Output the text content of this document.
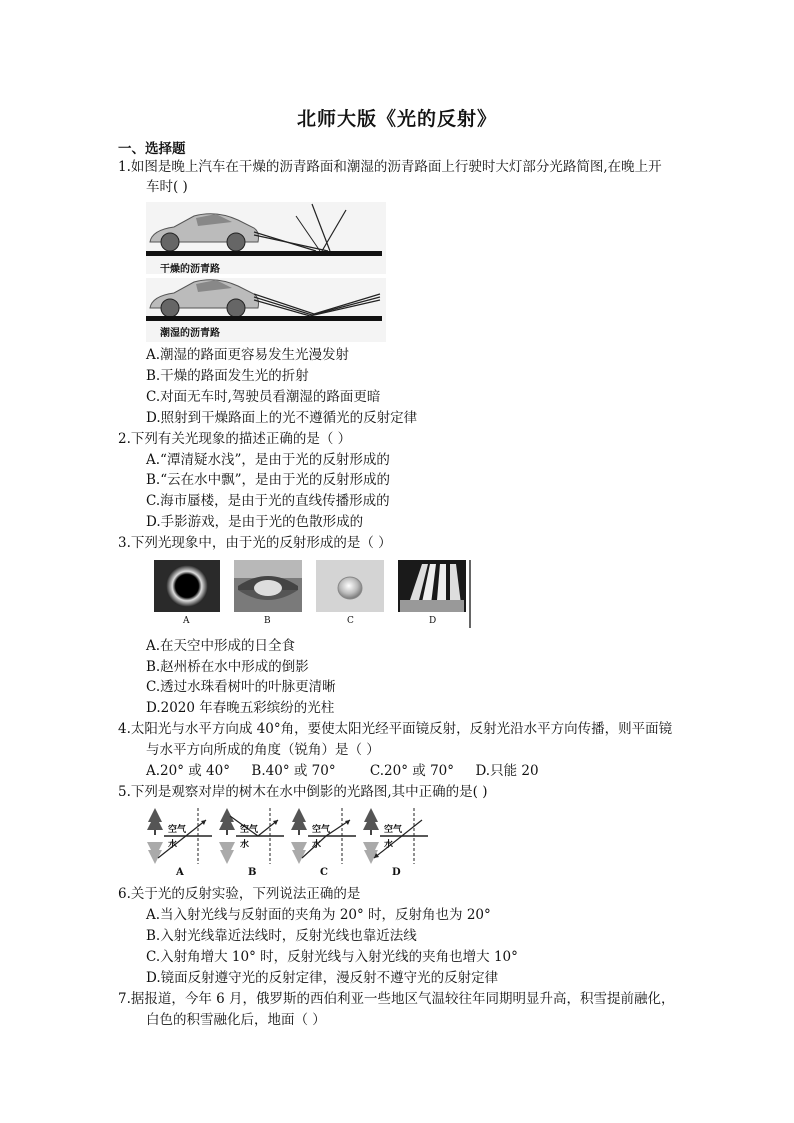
北师大版《光的反射》
一、选择题
1.如图是晚上汽车在干燥的沥青路面和潮湿的沥青路面上行驶时大灯部分光路简图,在晚上开
车时( )
干燥的沥青路
潮湿的沥青路
A.潮湿的路面更容易发生光漫发射
B.干燥的路面发生光的折射
C.对面无车时,驾驶员看潮湿的路面更暗
D.照射到干燥路面上的光不遵循光的反射定律
2.下列有关光现象的描述正确的是（ ）
A.“潭清疑水浅”，是由于光的反射形成的
B.“云在水中飘”，是由于光的反射形成的
C.海市蜃楼，是由于光的直线传播形成的
D.手影游戏，是由于光的色散形成的
3.下列光现象中，由于光的反射形成的是（ ）
A	B	C	D
A.在天空中形成的日全食
B.赵州桥在水中形成的倒影
C.透过水珠看树叶的叶脉更清晰
D.2020 年春晚五彩缤纷的光柱
4.太阳光与水平方向成 40°角，要使太阳光经平面镜反射，反射光沿水平方向传播，则平面镜
与水平方向所成的角度（锐角）是（ ）
A.20° 或 40°     B.40° 或 70°        C.20° 或 70°     D.只能 20
5.下列是观察对岸的树木在水中倒影的光路图,其中正确的是( )
空气
水
空气
水
空气
水
空气
水
A	B	C	D
6.关于光的反射实验，下列说法正确的是
A.当入射光线与反射面的夹角为 20° 时，反射角也为 20°
B.入射光线靠近法线时，反射光线也靠近法线
C.入射角增大 10° 时，反射光线与入射光线的夹角也增大 10°
D.镜面反射遵守光的反射定律，漫反射不遵守光的反射定律
7.据报道，今年 6 月，俄罗斯的西伯利亚一些地区气温较往年同期明显升高，积雪提前融化，
白色的积雪融化后，地面（ ）
